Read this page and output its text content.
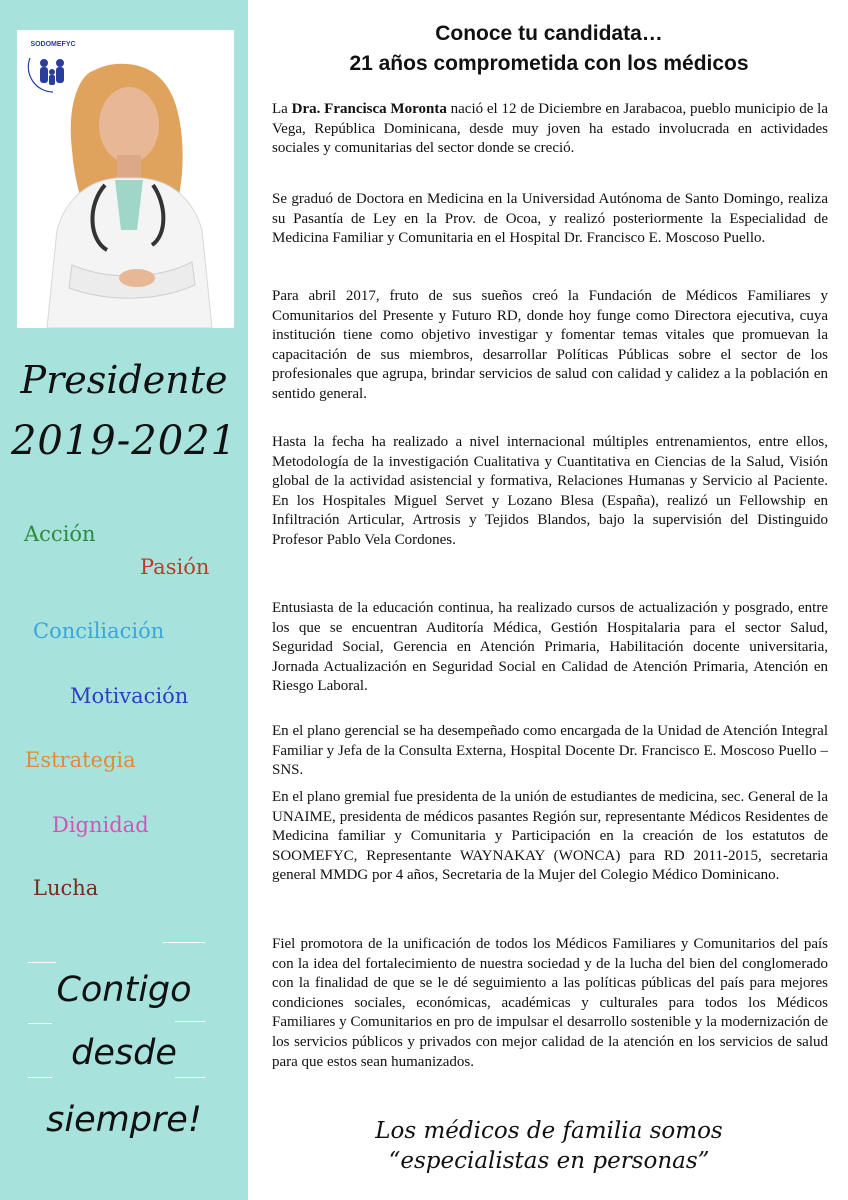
SODOMEFYC
Presidente
2019-2021
Acción
Pasión
Conciliación
Motivación
Estrategia
Dignidad
Lucha
Contigo
desde
siempre!
Conoce tu candidata…
21 años comprometida con los médicos
La Dra. Francisca Moronta nació el 12 de Diciembre en Jarabacoa, pueblo municipio de la Vega, República Dominicana, desde muy joven ha estado involucrada en actividades sociales y comunitarias del sector donde se creció.
Se graduó de Doctora en Medicina en la Universidad Autónoma de Santo Domingo, realiza su Pasantía de Ley en la Prov. de Ocoa, y realizó posteriormente la Especialidad de Medicina Familiar y Comunitaria en el Hospital Dr. Francisco E. Moscoso Puello.
Para abril 2017, fruto de sus sueños creó la Fundación de Médicos Familiares y Comunitarios del Presente y Futuro RD, donde hoy funge como Directora ejecutiva, cuya institución tiene como objetivo investigar y fomentar temas vitales que promuevan la capacitación de sus miembros, desarrollar Políticas Públicas sobre el sector de los profesionales que agrupa, brindar servicios de salud con calidad y calidez a la población en sentido general.
Hasta la fecha ha realizado a nivel internacional múltiples entrenamientos, entre ellos, Metodología de la investigación Cualitativa y Cuantitativa en Ciencias de la Salud, Visión global de la actividad asistencial y formativa, Relaciones Humanas y Servicio al Paciente. En los Hospitales Miguel Servet y Lozano Blesa (España), realizó un Fellowship en Infiltración Articular, Artrosis y Tejidos Blandos, bajo la supervisión del Distinguido Profesor Pablo Vela Cordones.
Entusiasta de la educación continua, ha realizado cursos de actualización y posgrado, entre los que se encuentran Auditoría Médica, Gestión Hospitalaria para el sector Salud, Seguridad Social, Gerencia en Atención Primaria, Habilitación docente universitaria, Jornada Actualización en Seguridad Social en Calidad de Atención Primaria, Atención en Riesgo Laboral.
En el plano gerencial se ha desempeñado como encargada de la Unidad de Atención Integral Familiar y Jefa de la Consulta Externa, Hospital Docente Dr. Francisco E. Moscoso Puello – SNS.
En el plano gremial fue presidenta de la unión de estudiantes de medicina, sec. General de la UNAIME, presidenta de médicos pasantes Región sur, representante Médicos Residentes de Medicina familiar y Comunitaria y Participación en la creación de los estatutos de SOOMEFYC, Representante WAYNAKAY (WONCA) para RD 2011-2015, secretaria general MMDG por 4 años, Secretaria de la Mujer del Colegio Médico Dominicano.
Fiel promotora de la unificación de todos los Médicos Familiares y Comunitarios del país con la idea del fortalecimiento de nuestra sociedad y de la lucha del bien del conglomerado con la finalidad de que se le dé seguimiento a las políticas públicas del país para mejores condiciones sociales, económicas, académicas y culturales para todos los Médicos Familiares y Comunitarios en pro de impulsar el desarrollo sostenible y la modernización de los servicios públicos y privados con mejor calidad de la atención en los servicios de salud para que estos sean humanizados.
Los médicos de familia somos
“especialistas en personas”
